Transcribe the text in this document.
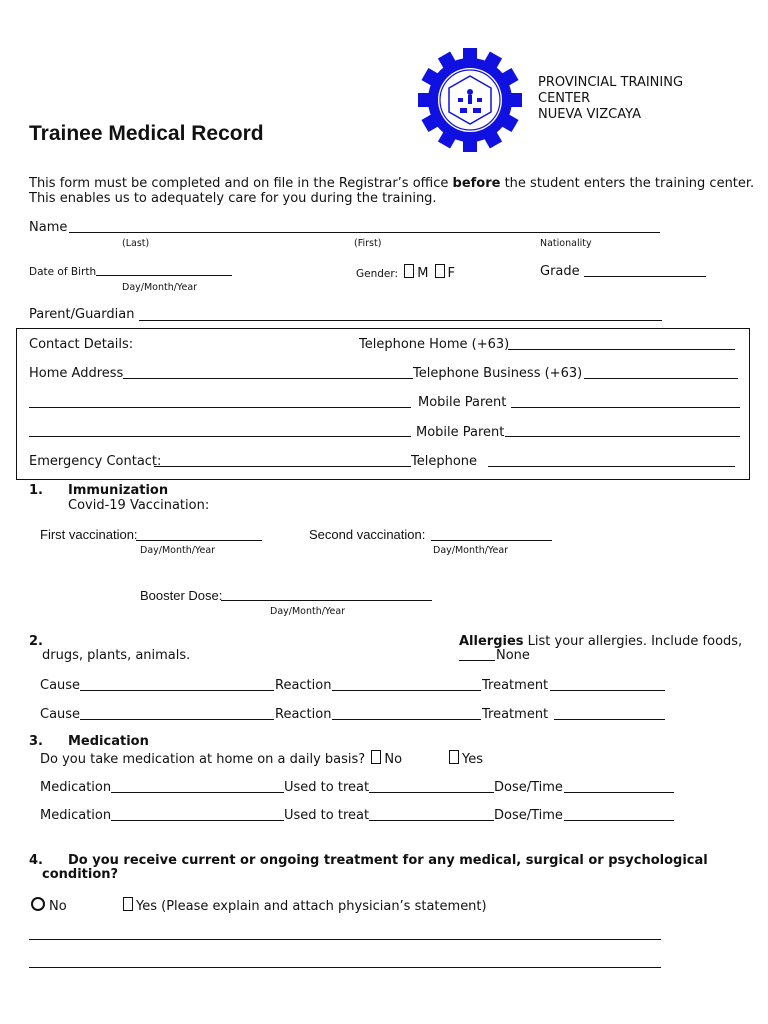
PROVINCIAL TRAINING
CENTER
NUEVA VIZCAYA
Trainee Medical Record
This form must be completed and on file in the Registrar’s office before the student enters the training center.
This enables us to adequately care for you during the training.
Name
(Last)	(First)	Nationality
Date of Birth
Day/Month/Year
Gender: M F	Grade
Parent/Guardian
Contact Details:	Telephone Home (+63)
Home Address	Telephone Business (+63)
Mobile Parent
Mobile Parent
Emergency Contact:	Telephone
1. Immunization
Covid-19 Vaccination:
First vaccination:
Day/Month/Year
Second vaccination:
Day/Month/Year
Booster Dose:
Day/Month/Year
2.	Allergies List your allergies. Include foods,
drugs, plants, animals.	None
Cause	Reaction	Treatment
Cause	Reaction	Treatment
3. Medication
Do you take medication at home on a daily basis? No	Yes
Medication	Used to treat	Dose/Time
Medication	Used to treat	Dose/Time
4. Do you receive current or ongoing treatment for any medical, surgical or psychological
condition?
No	Yes (Please explain and attach physician’s statement)
